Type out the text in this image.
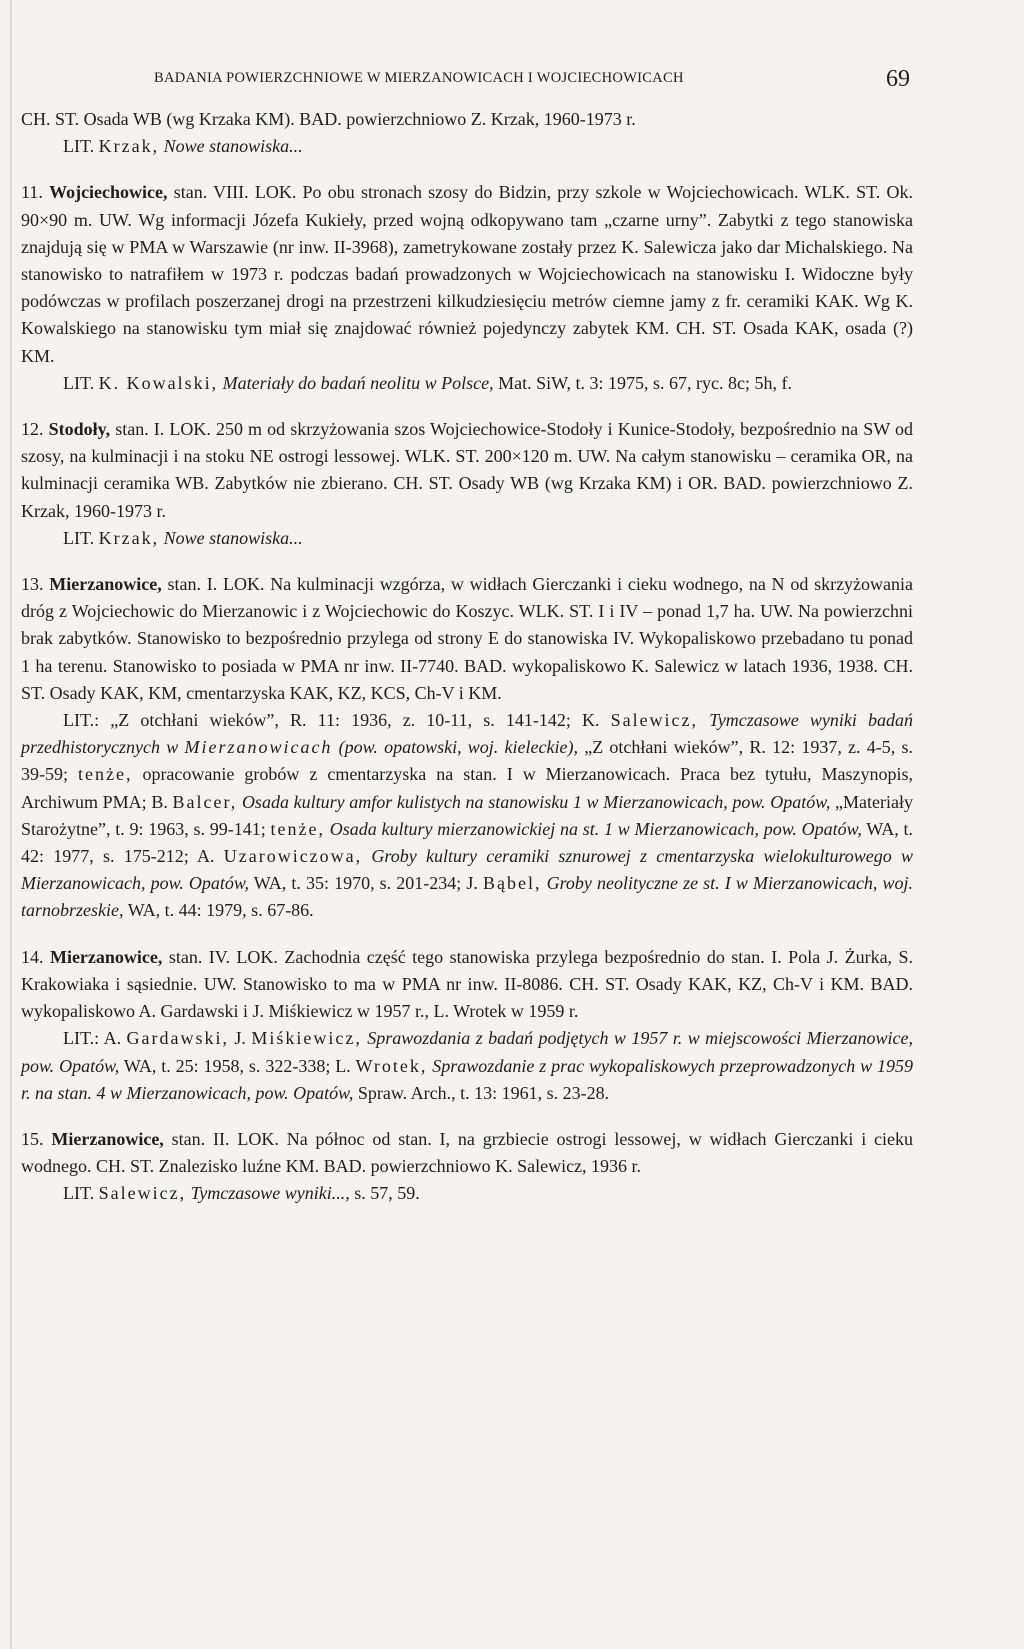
BADANIA POWIERZCHNIOWE W MIERZANOWICACH I WOJCIECHOWICACH	69

CH. ST. Osada WB (wg Krzaka KM). BAD. powierzchniowo Z. Krzak, 1960-1973 r.

LIT. Krzak, Nowe stanowiska...

11. Wojciechowice, stan. VIII. LOK. Po obu stronach szosy do Bidzin, przy szkole w Wojciechowicach. WLK. ST. Ok. 90×90 m. UW. Wg informacji Józefa Kukieły, przed wojną odkopywano tam „czarne urny”. Zabytki z tego stanowiska znajdują się w PMA w Warszawie (nr inw. II-3968), zametrykowane zostały przez K. Salewicza jako dar Michalskiego. Na stanowisko to natrafiłem w 1973 r. podczas badań prowadzonych w Wojciechowicach na stanowisku I. Widoczne były podówczas w profilach poszerzanej drogi na przestrzeni kilkudziesięciu metrów ciemne jamy z fr. ceramiki KAK. Wg K. Kowalskiego na stanowisku tym miał się znajdować również pojedynczy zabytek KM. CH. ST. Osada KAK, osada (?) KM.

LIT. K. Kowalski, Materiały do badań neolitu w Polsce, Mat. SiW, t. 3: 1975, s. 67, ryc. 8c; 5h, f.

12. Stodoły, stan. I. LOK. 250 m od skrzyżowania szos Wojciechowice-Stodoły i Kunice-Stodoły, bezpośrednio na SW od szosy, na kulminacji i na stoku NE ostrogi lessowej. WLK. ST. 200×120 m. UW. Na całym stanowisku – ceramika OR, na kulminacji ceramika WB. Zabytków nie zbierano. CH. ST. Osady WB (wg Krzaka KM) i OR. BAD. powierzchniowo Z. Krzak, 1960-1973 r.

LIT. Krzak, Nowe stanowiska...

13. Mierzanowice, stan. I. LOK. Na kulminacji wzgórza, w widłach Gierczanki i cieku wodnego, na N od skrzyżowania dróg z Wojciechowic do Mierzanowic i z Wojciechowic do Koszyc. WLK. ST. I i IV – ponad 1,7 ha. UW. Na powierzchni brak zabytków. Stanowisko to bezpośrednio przylega od strony E do stanowiska IV. Wykopaliskowo przebadano tu ponad 1 ha terenu. Stanowisko to posiada w PMA nr inw. II-7740. BAD. wykopaliskowo K. Salewicz w latach 1936, 1938. CH. ST. Osady KAK, KM, cmentarzyska KAK, KZ, KCS, Ch-V i KM.

LIT.: „Z otchłani wieków”, R. 11: 1936, z. 10-11, s. 141-142; K. Salewicz, Tymczasowe wyniki badań przedhistorycznych w Mierzanowicach (pow. opatowski, woj. kieleckie), „Z otchłani wieków”, R. 12: 1937, z. 4-5, s. 39-59; tenże, opracowanie grobów z cmentarzyska na stan. I w Mierzanowicach. Praca bez tytułu, Maszynopis, Archiwum PMA; B. Balcer, Osada kultury amfor kulistych na stanowisku 1 w Mierzanowicach, pow. Opatów, „Materiały Starożytne”, t. 9: 1963, s. 99-141; tenże, Osada kultury mierzanowickiej na st. 1 w Mierzanowicach, pow. Opatów, WA, t. 42: 1977, s. 175-212; A. Uzarowiczowa, Groby kultury ceramiki sznurowej z cmentarzyska wielokulturowego w Mierzanowicach, pow. Opatów, WA, t. 35: 1970, s. 201-234; J. Bąbel, Groby neolityczne ze st. I w Mierzanowicach, woj. tarnobrzeskie, WA, t. 44: 1979, s. 67-86.

14. Mierzanowice, stan. IV. LOK. Zachodnia część tego stanowiska przylega bezpośrednio do stan. I. Pola J. Żurka, S. Krakowiaka i sąsiednie. UW. Stanowisko to ma w PMA nr inw. II-8086. CH. ST. Osady KAK, KZ, Ch-V i KM. BAD. wykopaliskowo A. Gardawski i J. Miśkiewicz w 1957 r., L. Wrotek w 1959 r.

LIT.: A. Gardawski, J. Miśkiewicz, Sprawozdania z badań podjętych w 1957 r. w miejscowości Mierzanowice, pow. Opatów, WA, t. 25: 1958, s. 322-338; L. Wrotek, Sprawozdanie z prac wykopaliskowych przeprowadzonych w 1959 r. na stan. 4 w Mierzanowicach, pow. Opatów, Spraw. Arch., t. 13: 1961, s. 23-28.

15. Mierzanowice, stan. II. LOK. Na północ od stan. I, na grzbiecie ostrogi lessowej, w widłach Gierczanki i cieku wodnego. CH. ST. Znalezisko luźne KM. BAD. powierzchniowo K. Salewicz, 1936 r.

LIT. Salewicz, Tymczasowe wyniki..., s. 57, 59.
